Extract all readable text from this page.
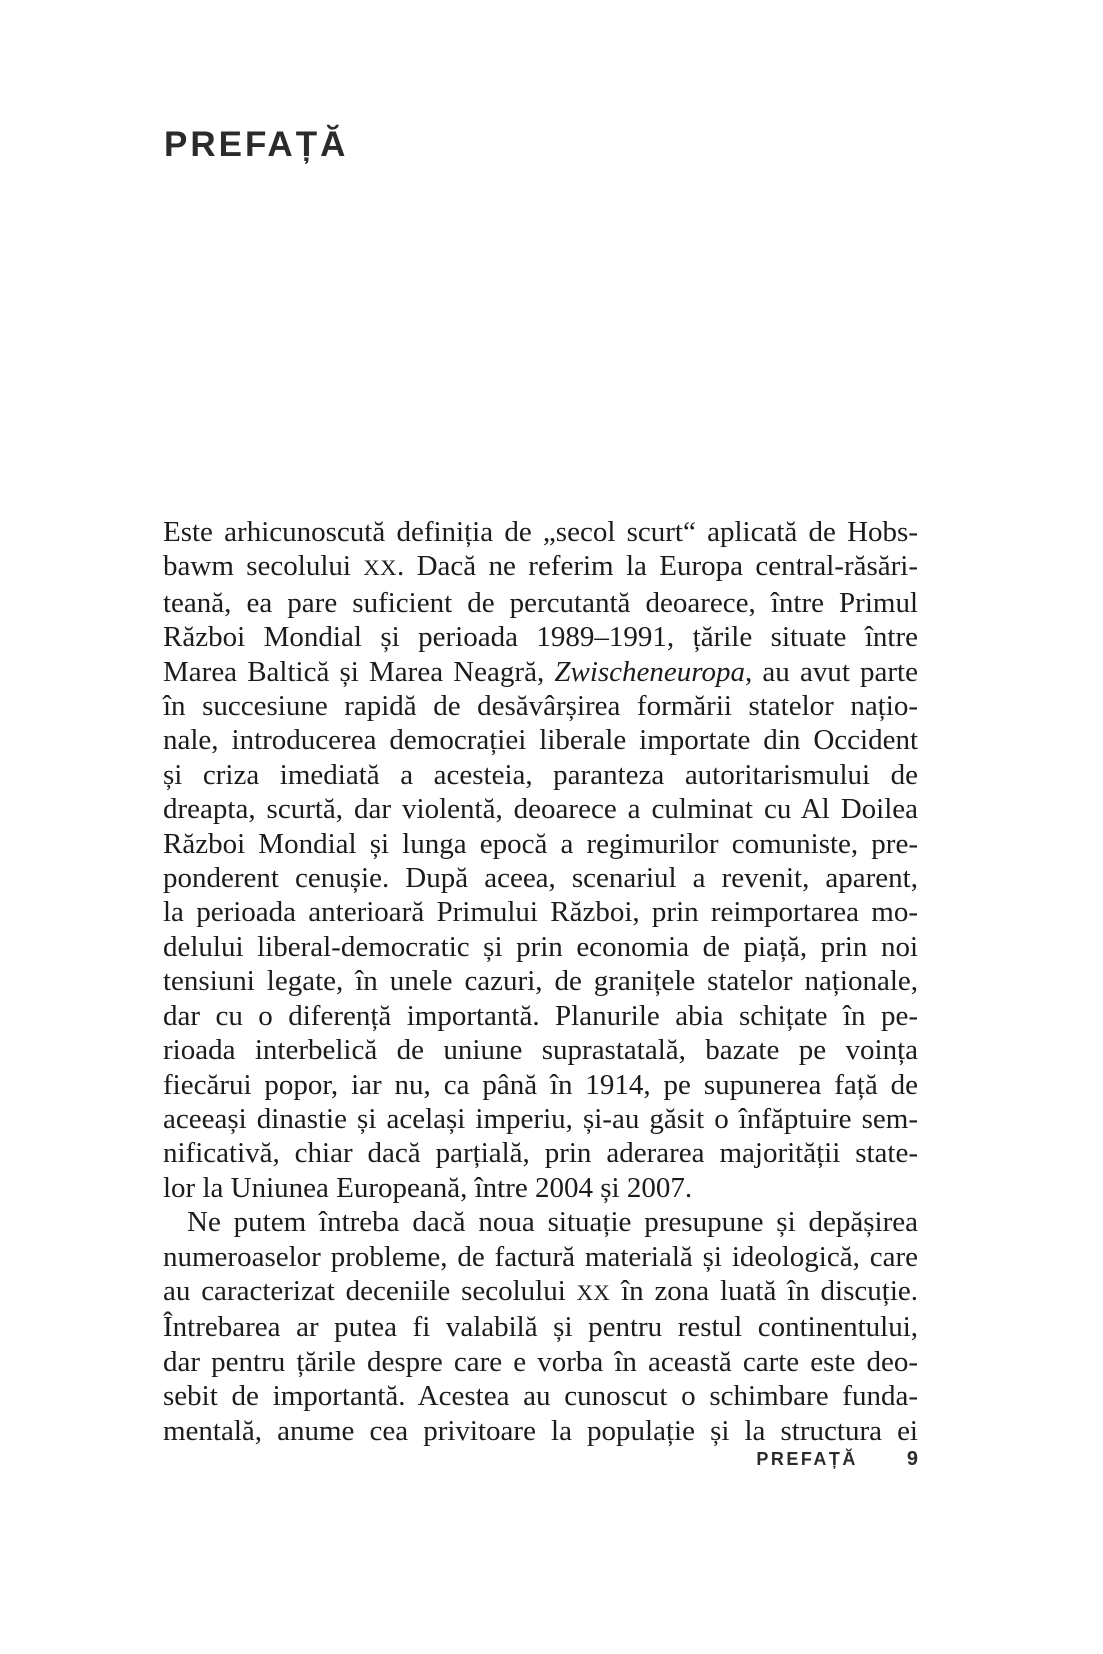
PREFAȚĂ
Este arhicunoscută definiția de „secol scurt“ aplicată de Hobs-
bawm secolului XX. Dacă ne referim la Europa central-răsări-
teană, ea pare suficient de percutantă deoarece, între Primul
Război Mondial și perioada 1989–1991, țările situate între
Marea Baltică și Marea Neagră, Zwischeneuropa, au avut parte
în succesiune rapidă de desăvârșirea formării statelor națio-
nale, introducerea democrației liberale importate din Occident
și criza imediată a acesteia, paranteza autoritarismului de
dreapta, scurtă, dar violentă, deoarece a culminat cu Al Doilea
Război Mondial și lunga epocă a regimurilor comuniste, pre-
ponderent cenușie. După aceea, scenariul a revenit, aparent,
la perioada anterioară Primului Război, prin reimportarea mo-
delului liberal-democratic și prin economia de piață, prin noi
tensiuni legate, în unele cazuri, de granițele statelor naționale,
dar cu o diferență importantă. Planurile abia schițate în pe-
rioada interbelică de uniune suprastatală, bazate pe voința
fiecărui popor, iar nu, ca până în 1914, pe supunerea față de
aceeași dinastie și același imperiu, și-au găsit o înfăptuire sem-
nificativă, chiar dacă parțială, prin aderarea majorității state-
lor la Uniunea Europeană, între 2004 și 2007.
Ne putem întreba dacă noua situație presupune și depășirea
numeroaselor probleme, de factură materială și ideologică, care
au caracterizat deceniile secolului XX în zona luată în discuție.
Întrebarea ar putea fi valabilă și pentru restul continentului,
dar pentru țările despre care e vorba în această carte este deo-
sebit de importantă. Acestea au cunoscut o schimbare funda-
mentală, anume cea privitoare la populație și la structura ei
PREFAȚĂ 9
